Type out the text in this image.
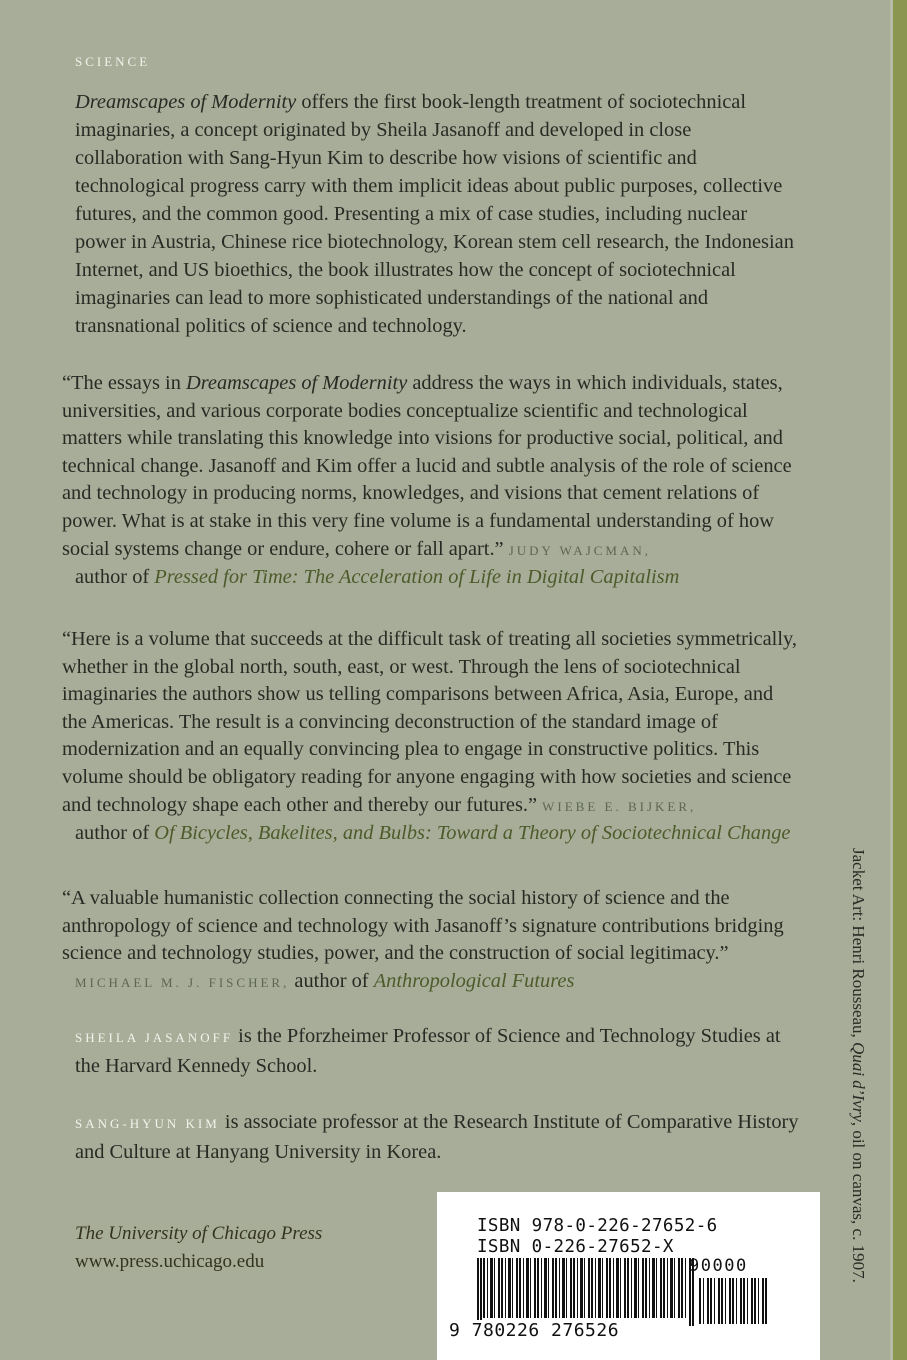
SCIENCE

Dreamscapes of Modernity offers the first book-length treatment of sociotechnical imaginaries, a concept originated by Sheila Jasanoff and developed in close collaboration with Sang-Hyun Kim to describe how visions of scientific and technological progress carry with them implicit ideas about public purposes, collective futures, and the common good. Presenting a mix of case studies, including nuclear power in Austria, Chinese rice biotechnology, Korean stem cell research, the Indonesian Internet, and US bioethics, the book illustrates how the concept of sociotechnical imaginaries can lead to more sophisticated understandings of the national and transnational politics of science and technology.

“The essays in Dreamscapes of Modernity address the ways in which individuals, states, universities, and various corporate bodies conceptualize scientific and technological matters while translating this knowledge into visions for productive social, political, and technical change. Jasanoff and Kim offer a lucid and subtle analysis of the role of science and technology in producing norms, knowledges, and visions that cement relations of power. What is at stake in this very fine volume is a fundamental understanding of how social systems change or endure, cohere or fall apart.” JUDY WAJCMAN,
author of Pressed for Time: The Acceleration of Life in Digital Capitalism

“Here is a volume that succeeds at the difficult task of treating all societies symmetrically, whether in the global north, south, east, or west. Through the lens of sociotechnical imaginaries the authors show us telling comparisons between Africa, Asia, Europe, and the Americas. The result is a convincing deconstruction of the standard image of modernization and an equally convincing plea to engage in constructive politics. This volume should be obligatory reading for anyone engaging with how societies and science and technology shape each other and thereby our futures.” WIEBE E. BIJKER,
author of Of Bicycles, Bakelites, and Bulbs: Toward a Theory of Sociotechnical Change

“A valuable humanistic collection connecting the social history of science and the anthropology of science and technology with Jasanoff’s signature contributions bridging science and technology studies, power, and the construction of social legitimacy.”
MICHAEL M. J. FISCHER, author of Anthropological Futures

SHEILA JASANOFF is the Pforzheimer Professor of Science and Technology Studies at the Harvard Kennedy School.

SANG-HYUN KIM is associate professor at the Research Institute of Comparative History and Culture at Hanyang University in Korea.

The University of Chicago Press
www.press.uchicago.edu
Jacket Art: Henri Rousseau, Quai d’Ivry, oil on canvas, c. 1907.
ISBN 978-0-226-27652-6
ISBN 0-226-27652-X
90000
9 780226 276526
